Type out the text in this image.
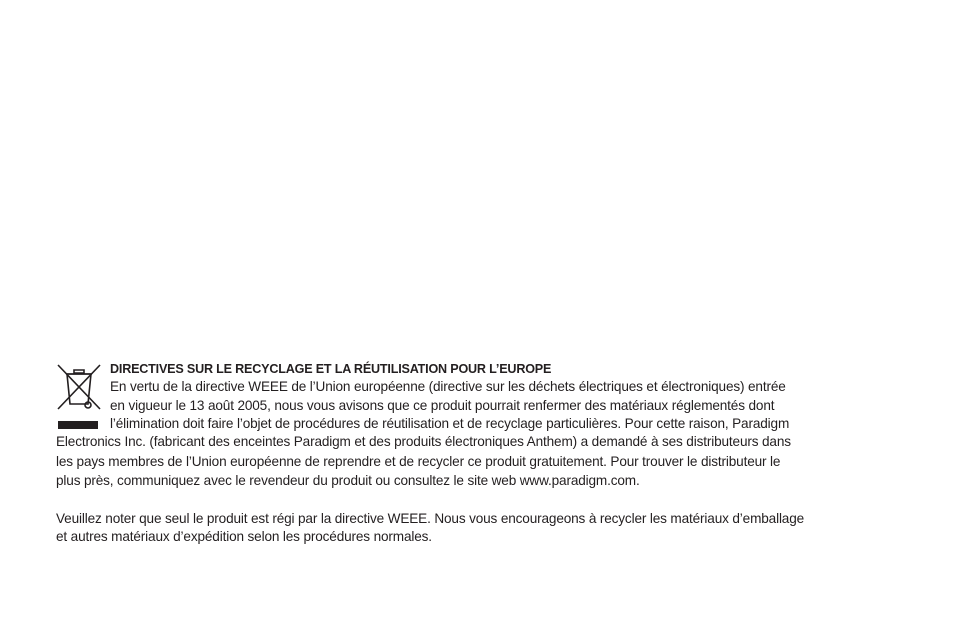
DIRECTIVES SUR LE RECYCLAGE ET LA RÉUTILISATION POUR L’EUROPE
En vertu de la directive WEEE de l’Union européenne (directive sur les déchets électriques et électroniques) entrée
en vigueur le 13 août 2005, nous vous avisons que ce produit pourrait renfermer des matériaux réglementés dont
l’élimination doit faire l’objet de procédures de réutilisation et de recyclage particulières. Pour cette raison, Paradigm
Electronics Inc. (fabricant des enceintes Paradigm et des produits électroniques Anthem) a demandé à ses distributeurs dans
les pays membres de l’Union européenne de reprendre et de recycler ce produit gratuitement. Pour trouver le distributeur le
plus près, communiquez avec le revendeur du produit ou consultez le site web www.paradigm.com.
Veuillez noter que seul le produit est régi par la directive WEEE. Nous vous encourageons à recycler les matériaux d’emballage
et autres matériaux d’expédition selon les procédures normales.
